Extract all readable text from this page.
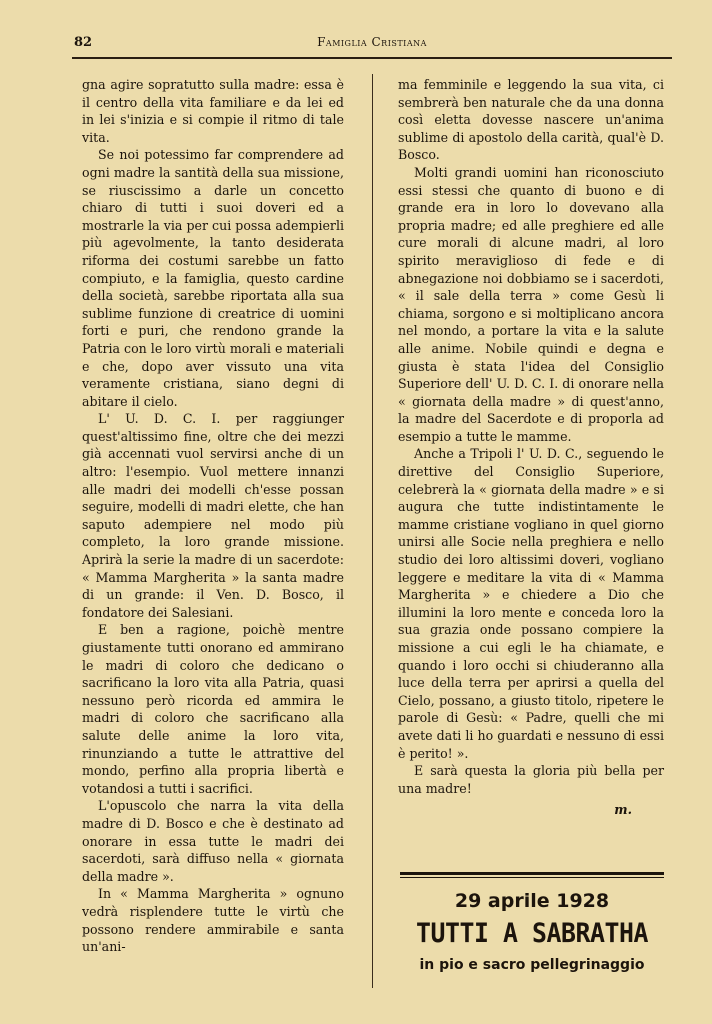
82	Famiglia Cristiana

gna agire sopratutto sulla madre: essa è il centro della vita familiare e da lei ed in lei s'inizia e si compie il ritmo di tale vita.

Se noi potessimo far comprendere ad ogni madre la santità della sua missione, se riuscissimo a darle un concetto chiaro di tutti i suoi doveri ed a mostrarle la via per cui possa adempierli più agevolmente, la tanto desiderata riforma dei costumi sarebbe un fatto compiuto, e la famiglia, questo cardine della società, sarebbe riportata alla sua sublime funzione di creatrice di uomini forti e puri, che rendono grande la Patria con le loro virtù morali e materiali e che, dopo aver vissuto una vita veramente cristiana, siano degni di abitare il cielo.

L' U. D. C. I. per raggiunger quest'altissimo fine, oltre che dei mezzi già accennati vuol servirsi anche di un altro: l'esempio. Vuol mettere innanzi alle madri dei modelli ch'esse possan seguire, modelli di madri elette, che han saputo adempiere nel modo più completo, la loro grande missione. Aprirà la serie la madre di un sacerdote: « Mamma Margherita » la santa madre di un grande: il Ven. D. Bosco, il fondatore dei Salesiani.

E ben a ragione, poichè mentre giustamente tutti onorano ed ammirano le madri di coloro che dedicano o sacrificano la loro vita alla Patria, quasi nessuno però ricorda ed ammira le madri di coloro che sacrificano alla salute delle anime la loro vita, rinunziando a tutte le attrattive del mondo, perfino alla propria libertà e votandosi a tutti i sacrifici.

L'opuscolo che narra la vita della madre di D. Bosco e che è destinato ad onorare in essa tutte le madri dei sacerdoti, sarà diffuso nella « giornata della madre ».

In « Mamma Margherita » ognuno vedrà risplendere tutte le virtù che possono rendere ammirabile e santa un'ani-

ma femminile e leggendo la sua vita, ci sembrerà ben naturale che da una donna così eletta dovesse nascere un'anima sublime di apostolo della carità, qual'è D. Bosco.

Molti grandi uomini han riconosciuto essi stessi che quanto di buono e di grande era in loro lo dovevano alla propria madre; ed alle preghiere ed alle cure morali di alcune madri, al loro spirito meraviglioso di fede e di abnegazione noi dobbiamo se i sacerdoti, « il sale della terra » come Gesù li chiama, sorgono e si moltiplicano ancora nel mondo, a portare la vita e la salute alle anime. Nobile quindi e degna e giusta è stata l'idea del Consiglio Superiore dell' U. D. C. I. di onorare nella « giornata della madre » di quest'anno, la madre del Sacerdote e di proporla ad esempio a tutte le mamme.

Anche a Tripoli l' U. D. C., seguendo le direttive del Consiglio Superiore, celebrerà la « giornata della madre » e si augura che tutte indistintamente le mamme cristiane vogliano in quel giorno unirsi alle Socie nella preghiera e nello studio dei loro altissimi doveri, vogliano leggere e meditare la vita di « Mamma Margherita » e chiedere a Dio che illumini la loro mente e conceda loro la sua grazia onde possano compiere la missione a cui egli le ha chiamate, e quando i loro occhi si chiuderanno alla luce della terra per aprirsi a quella del Cielo, possano, a giusto titolo, ripetere le parole di Gesù: « Padre, quelli che mi avete dati li ho guardati e nessuno di essi è perito! ».

E sarà questa la gloria più bella per una madre!

m.
29 aprile 1928
TUTTI A SABRATHA
in pio e sacro pellegrinaggio
